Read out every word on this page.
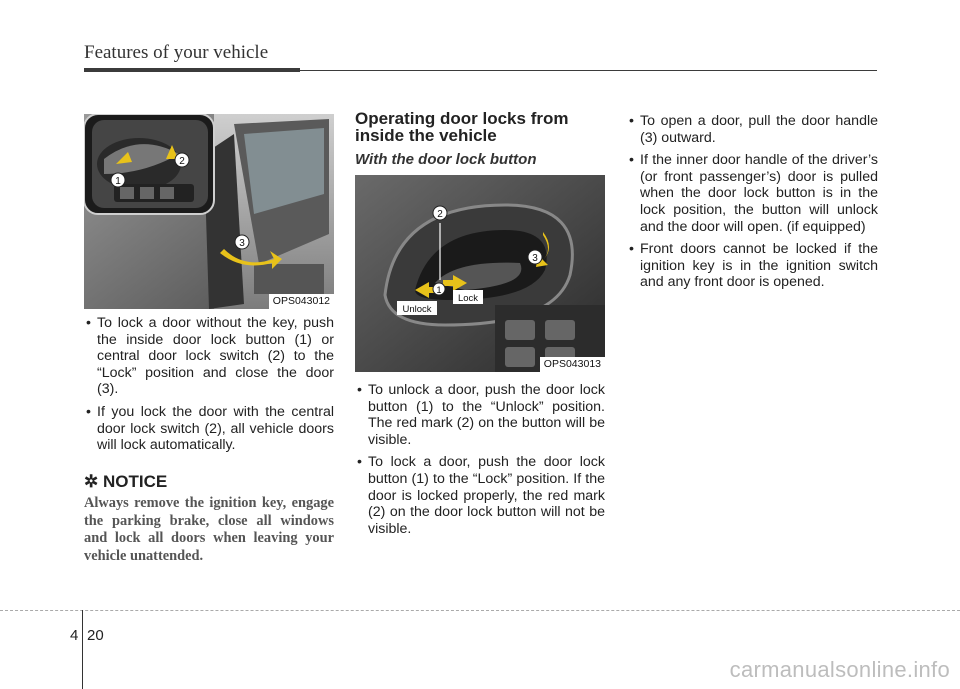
Features of your vehicle
1
2
3
OPS043012
• To lock a door without the key, push the inside door lock button (1) or central door lock switch (2) to the “Lock” position and close the door (3).
• If you lock the door with the central door lock switch (2), all vehicle doors will lock automatically.
✲ NOTICE
Always remove the ignition key, engage the parking brake, close all windows and lock all doors when leaving your vehicle unattended.
Operating door locks from inside the vehicle
With the door lock button
2
1
3
Unlock
Lock
OPS043013
• To unlock a door, push the door lock button (1) to the “Unlock” position. The red mark (2) on the button will be visible.
• To lock a door, push the door lock button (1) to the “Lock” position. If the door is locked properly, the red mark (2) on the door lock button will not be visible.
• To open a door, pull the door handle (3) outward.
• If the inner door handle of the driver’s (or front passenger’s) door is pulled when the door lock button is in the lock position, the button will unlock and the door will open. (if equipped)
• Front doors cannot be locked if the ignition key is in the ignition switch and any front door is opened.
4 20
carmanualsonline.info
